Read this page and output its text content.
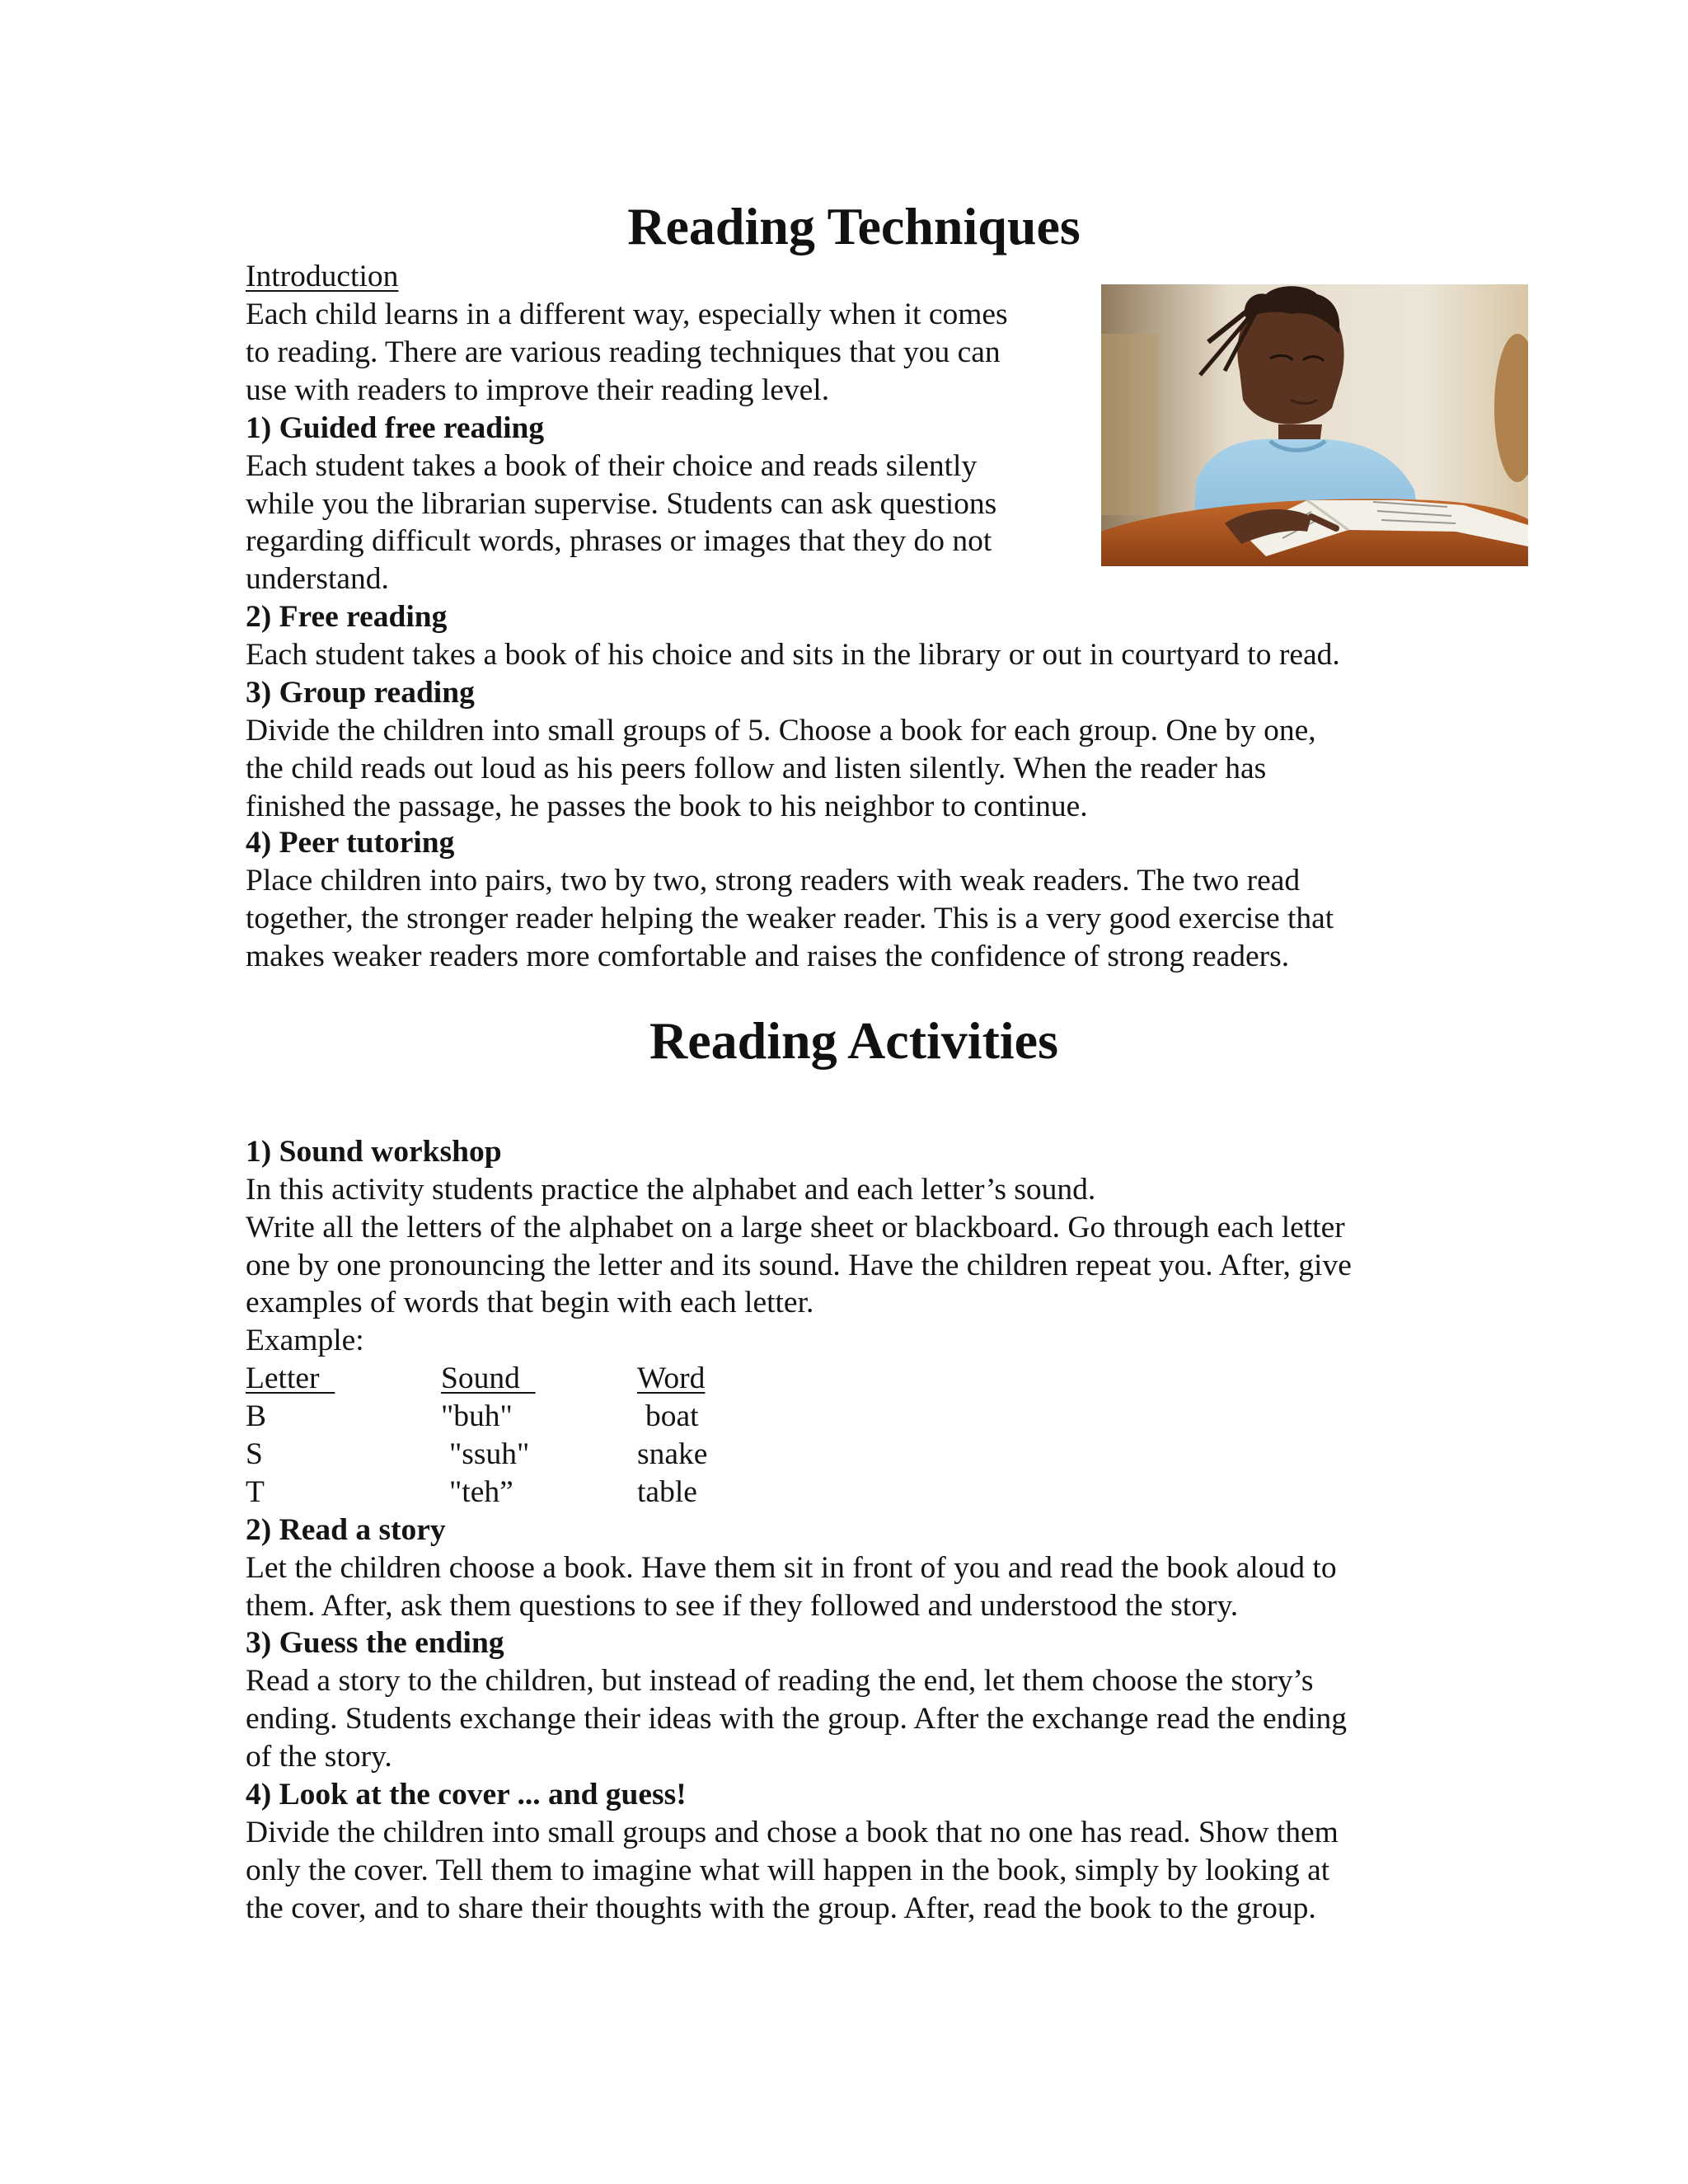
Reading Techniques
Introduction
Each child learns in a different way, especially when it comes
to reading. There are various reading techniques that you can
use with readers to improve their reading level.
1) Guided free reading
Each student takes a book of their choice and reads silently
while you the librarian supervise. Students can ask questions
regarding difficult words, phrases or images that they do not
understand.
2) Free reading
Each student takes a book of his choice and sits in the library or out in courtyard to read.
3) Group reading
Divide the children into small groups of 5. Choose a book for each group. One by one,
the child reads out loud as his peers follow and listen silently. When the reader has
finished the passage, he passes the book to his neighbor to continue.
4) Peer tutoring
Place children into pairs, two by two, strong readers with weak readers. The two read
together, the stronger reader helping the weaker reader. This is a very good exercise that
makes weaker readers more comfortable and raises the confidence of strong readers.
Reading Activities
1) Sound workshop
In this activity students practice the alphabet and each letter’s sound.
Write all the letters of the alphabet on a large sheet or blackboard. Go through each letter
one by one pronouncing the letter and its sound. Have the children repeat you. After, give
examples of words that begin with each letter.
Example:
Letter	Sound	Word
B	"buh"	boat
S	"ssuh"	snake
T	"teh”	table
2) Read a story
Let the children choose a book. Have them sit in front of you and read the book aloud to
them. After, ask them questions to see if they followed and understood the story.
3) Guess the ending
Read a story to the children, but instead of reading the end, let them choose the story’s
ending. Students exchange their ideas with the group. After the exchange read the ending
of the story.
4) Look at the cover ... and guess!
Divide the children into small groups and chose a book that no one has read. Show them
only the cover. Tell them to imagine what will happen in the book, simply by looking at
the cover, and to share their thoughts with the group. After, read the book to the group.
